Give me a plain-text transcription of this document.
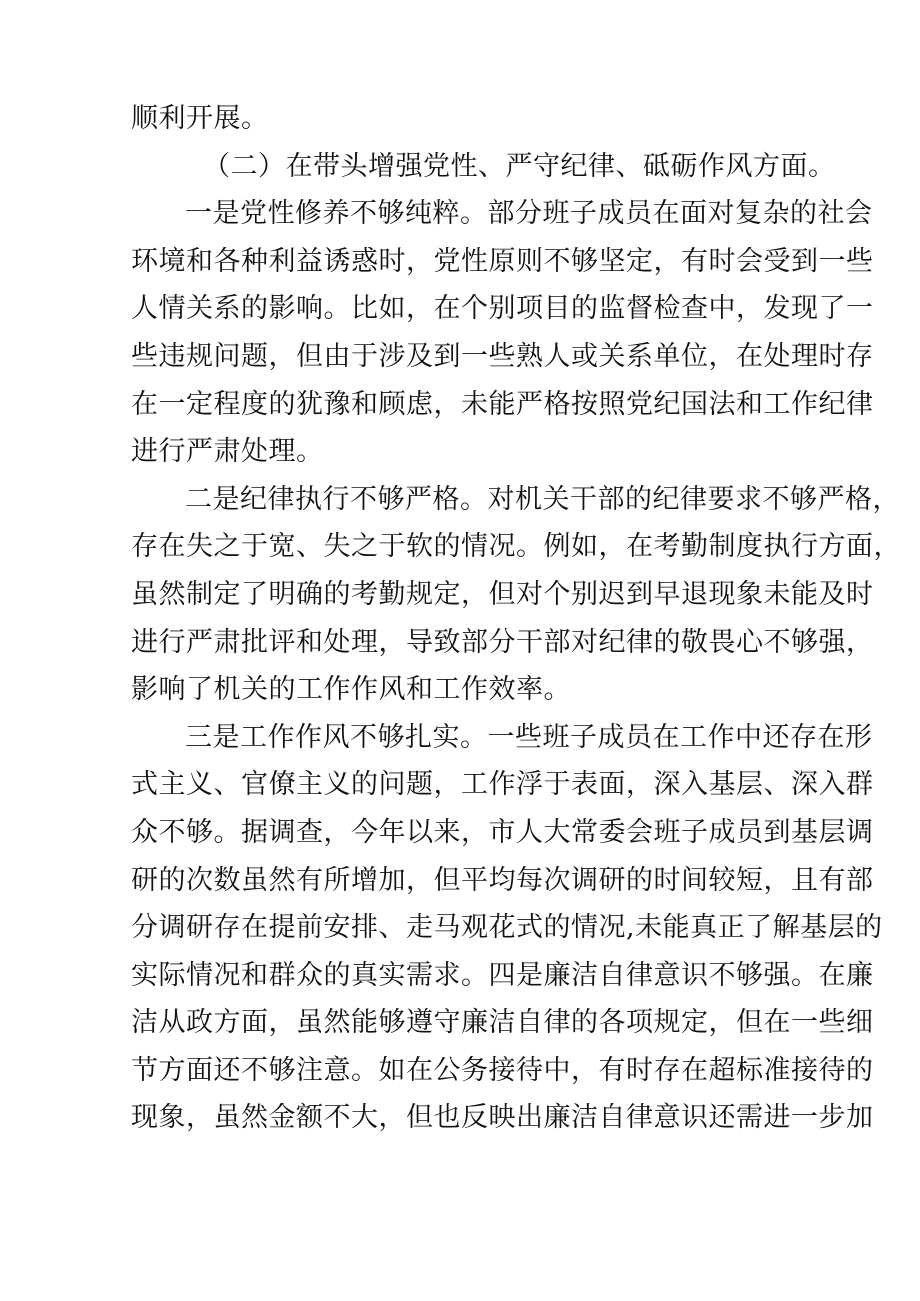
顺利开展。
（二）在带头增强党性、严守纪律、砥砺作风方面。
一是党性修养不够纯粹。部分班子成员在面对复杂的社会
环境和各种利益诱惑时，党性原则不够坚定，有时会受到一些
人情关系的影响。比如，在个别项目的监督检查中，发现了一
些违规问题，但由于涉及到一些熟人或关系单位，在处理时存
在一定程度的犹豫和顾虑，未能严格按照党纪国法和工作纪律
进行严肃处理。
二是纪律执行不够严格。对机关干部的纪律要求不够严格，
存在失之于宽、失之于软的情况。例如，在考勤制度执行方面，
虽然制定了明确的考勤规定，但对个别迟到早退现象未能及时
进行严肃批评和处理，导致部分干部对纪律的敬畏心不够强，
影响了机关的工作作风和工作效率。
三是工作作风不够扎实。一些班子成员在工作中还存在形
式主义、官僚主义的问题，工作浮于表面，深入基层、深入群
众不够。据调查，今年以来，市人大常委会班子成员到基层调
研的次数虽然有所增加，但平均每次调研的时间较短，且有部
分调研存在提前安排、走马观花式的情况,未能真正了解基层的
实际情况和群众的真实需求。四是廉洁自律意识不够强。在廉
洁从政方面，虽然能够遵守廉洁自律的各项规定，但在一些细
节方面还不够注意。如在公务接待中，有时存在超标准接待的
现象，虽然金额不大，但也反映出廉洁自律意识还需进一步加
